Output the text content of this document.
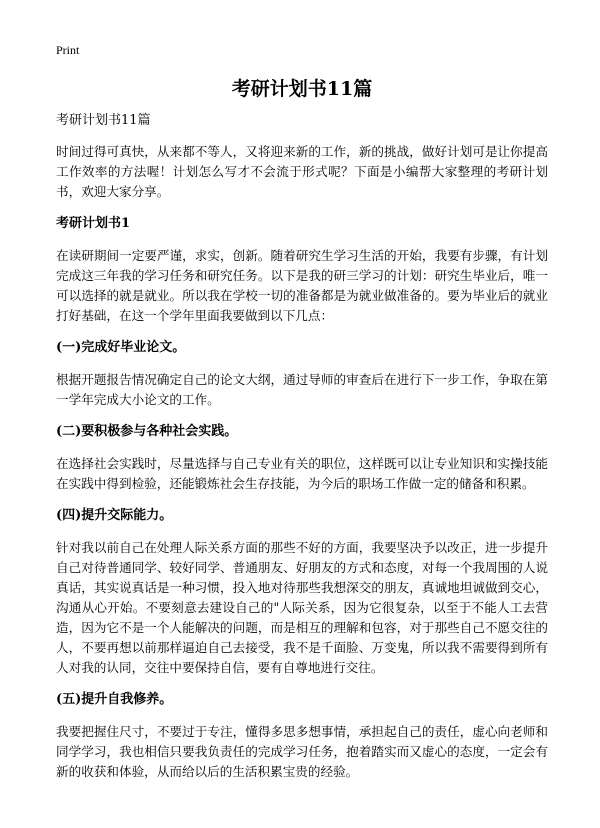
Print
考研计划书11篇
考研计划书11篇
时间过得可真快，从来都不等人，又将迎来新的工作，新的挑战，做好计划可是让你提高工作效率的方法喔！计划怎么写才不会流于形式呢？下面是小编帮大家整理的考研计划书，欢迎大家分享。
考研计划书1
在读研期间一定要严谨，求实，创新。随着研究生学习生活的开始，我要有步骤，有计划完成这三年我的学习任务和研究任务。以下是我的研三学习的计划：研究生毕业后，唯一可以选择的就是就业。所以我在学校一切的准备都是为就业做准备的。要为毕业后的就业打好基础，在这一个学年里面我要做到以下几点：
(一)完成好毕业论文。
根据开题报告情况确定自己的论文大纲，通过导师的审查后在进行下一步工作，争取在第一学年完成大小论文的工作。
(二)要积极参与各种社会实践。
在选择社会实践时，尽量选择与自己专业有关的职位，这样既可以让专业知识和实操技能在实践中得到检验，还能锻炼社会生存技能，为今后的职场工作做一定的储备和积累。
(四)提升交际能力。
针对我以前自己在处理人际关系方面的那些不好的方面，我要坚决予以改正，进一步提升自己对待普通同学、较好同学、普通朋友、好朋友的方式和态度，对每一个我周围的人说真话，其实说真话是一种习惯，投入地对待那些我想深交的朋友，真诚地坦诚做到交心，沟通从心开始。不要刻意去建设自己的"人际关系，因为它很复杂，以至于不能人工去营造，因为它不是一个人能解决的问题，而是相互的理解和包容，对于那些自己不愿交往的人，不要再想以前那样逼迫自己去接受，我不是千面脸、万变鬼，所以我不需要得到所有人对我的认同，交往中要保持自信，要有自尊地进行交往。
(五)提升自我修养。
我要把握住尺寸，不要过于专注，懂得多思多想事情，承担起自己的责任，虚心向老师和同学学习，我也相信只要我负责任的完成学习任务，抱着踏实而又虚心的态度，一定会有新的收获和体验，从而给以后的生活积累宝贵的经验。
